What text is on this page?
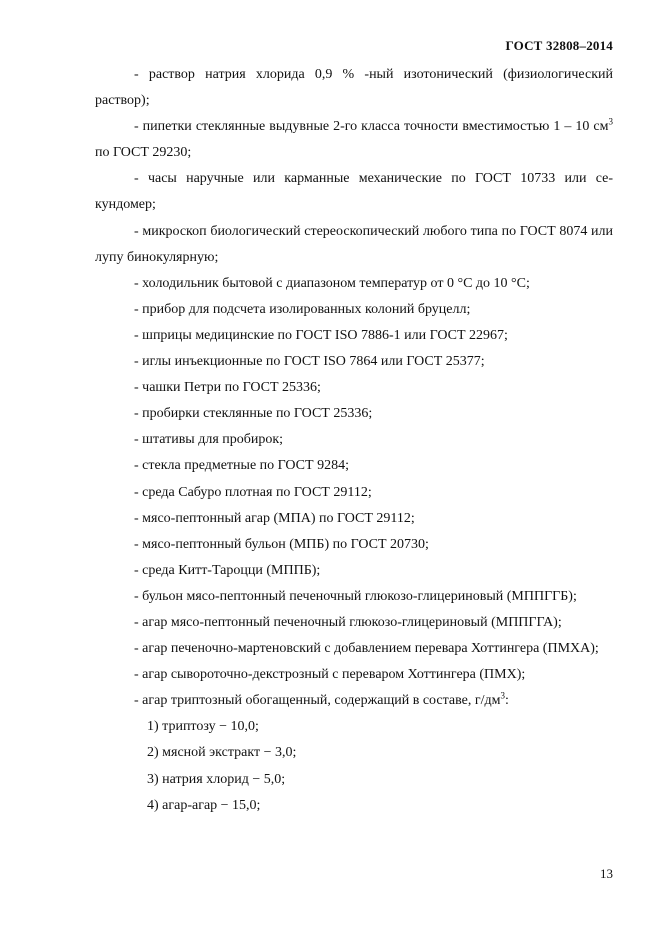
ГОСТ 32808–2014

- раствор натрия хлорида 0,9 % -ный изотонический (физиологический раствор);

- пипетки стеклянные выдувные 2-го класса точности вместимостью 1 – 10 $см^3$ по ГОСТ 29230;

- часы наручные или карманные механические по ГОСТ 10733 или се-кундомер;

- микроскоп биологический стереоскопический любого типа по ГОСТ 8074 или лупу бинокулярную;

- холодильник бытовой с диапазоном температур от 0 °С до 10 °С;

- прибор для подсчета изолированных колоний бруцелл;

- шприцы медицинские по ГОСТ ISO 7886-1 или ГОСТ 22967;

- иглы инъекционные по ГОСТ ISO 7864 или ГОСТ 25377;

- чашки Петри по ГОСТ 25336;

- пробирки стеклянные по ГОСТ 25336;

- штативы для пробирок;

- стекла предметные по ГОСТ 9284;

- среда Сабуро плотная по ГОСТ 29112;

- мясо-пептонный агар (МПА) по ГОСТ 29112;

- мясо-пептонный бульон (МПБ) по ГОСТ 20730;

- среда Китт-Тароцци (МППБ);

- бульон мясо-пептонный печеночный глюкозо-глицериновый (МППГГБ);

- агар мясо-пептонный печеночный глюкозо-глицериновый (МППГГА);

- агар печеночно-мартеновский с добавлением перевара Хоттингера (ПМХА);

- агар сывороточно-декстрозный с переваром Хоттингера (ПМХ);

- агар триптозный обогащенный, содержащий в составе, $г/дм^3$:

1) триптозу − 10,0;

2) мясной экстракт − 3,0;

3) натрия хлорид − 5,0;

4) агар-агар − 15,0;

13
